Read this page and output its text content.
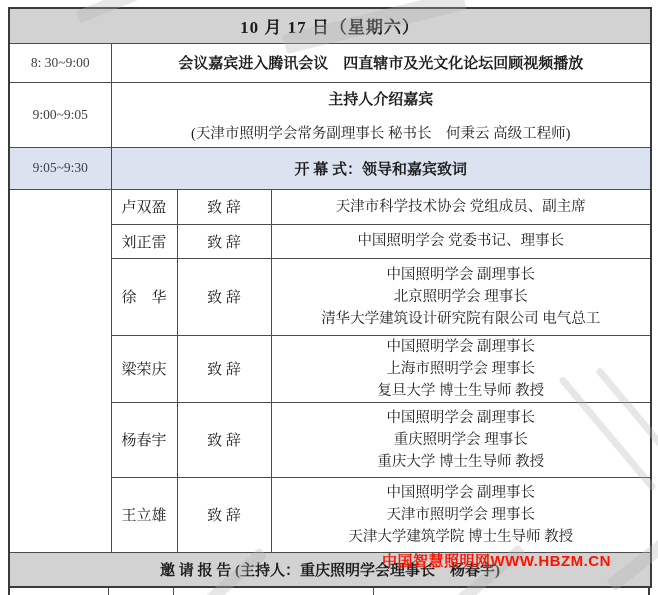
10 月 17 日（星期六）			
8: 30~9:00	会议嘉宾进入腾讯会议　四直辖市及光文化论坛回顾视频播放		
9:00~9:05	主持人介绍嘉宾
(天津市照明学会常务副理事长 秘书长　何秉云 高级工程师)		

9:05~9:30	开 幕 式：领导和嘉宾致词		
	卢双盈	致 辞	天津市科学技术协会 党组成员、副主席

	刘正雷	致 辞	中国照明学会 党委书记、理事长

	徐　华	致 辞	中国照明学会 副理事长
北京照明学会 理事长
清华大学建筑设计研究院有限公司 电气总工

	梁荣庆	致 辞	中国照明学会 副理事长
上海市照明学会 理事长
复旦大学 博士生导师 教授

	杨春宇	致 辞	中国照明学会 副理事长
重庆照明学会 理事长
重庆大学 博士生导师 教授

	王立雄	致 辞	中国照明学会 副理事长
天津市照明学会 理事长
天津大学建筑学院 博士生导师 教授

邀 请 报 告 (主持人：重庆照明学会理事长　杨春宇)			
中国智慧照明网WWW.HBZM.CN
